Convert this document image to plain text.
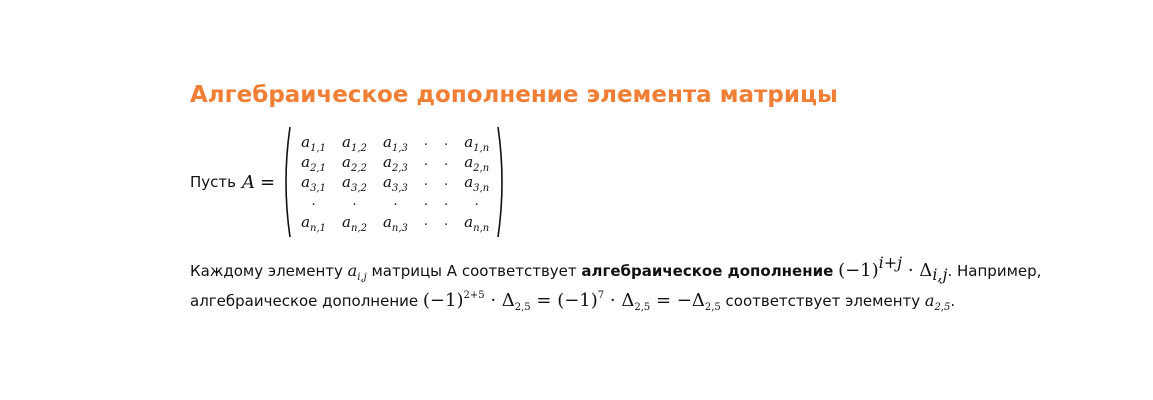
Алгебраическое дополнение элемента матрицы
Пусть A =
$a_{1,1}$	$a_{1,2}$	$a_{1,3}$	.	.	$a_{1,n}$
$a_{2,1}$	$a_{2,2}$	$a_{2,3}$	.	.	$a_{2,n}$
$a_{3,1}$	$a_{3,2}$	$a_{3,3}$	.	.	$a_{3,n}$
.	.	.	.	.	.
$a_{n,1}$	$a_{n,2}$	$a_{n,3}$	.	.	$a_{n,n}$

Каждому элементу $a_{i,j}$ матрицы A соответствует алгебраическое дополнение $(-1)^{i+j} \cdot \Delta_{i,j}$. Например,
алгебраическое дополнение $(-1)^{2+5} \cdot \Delta_{2,5} = (-1)^7 \cdot \Delta_{2,5} = -\Delta_{2,5}$ соответствует элементу $a_{2,5}$.
